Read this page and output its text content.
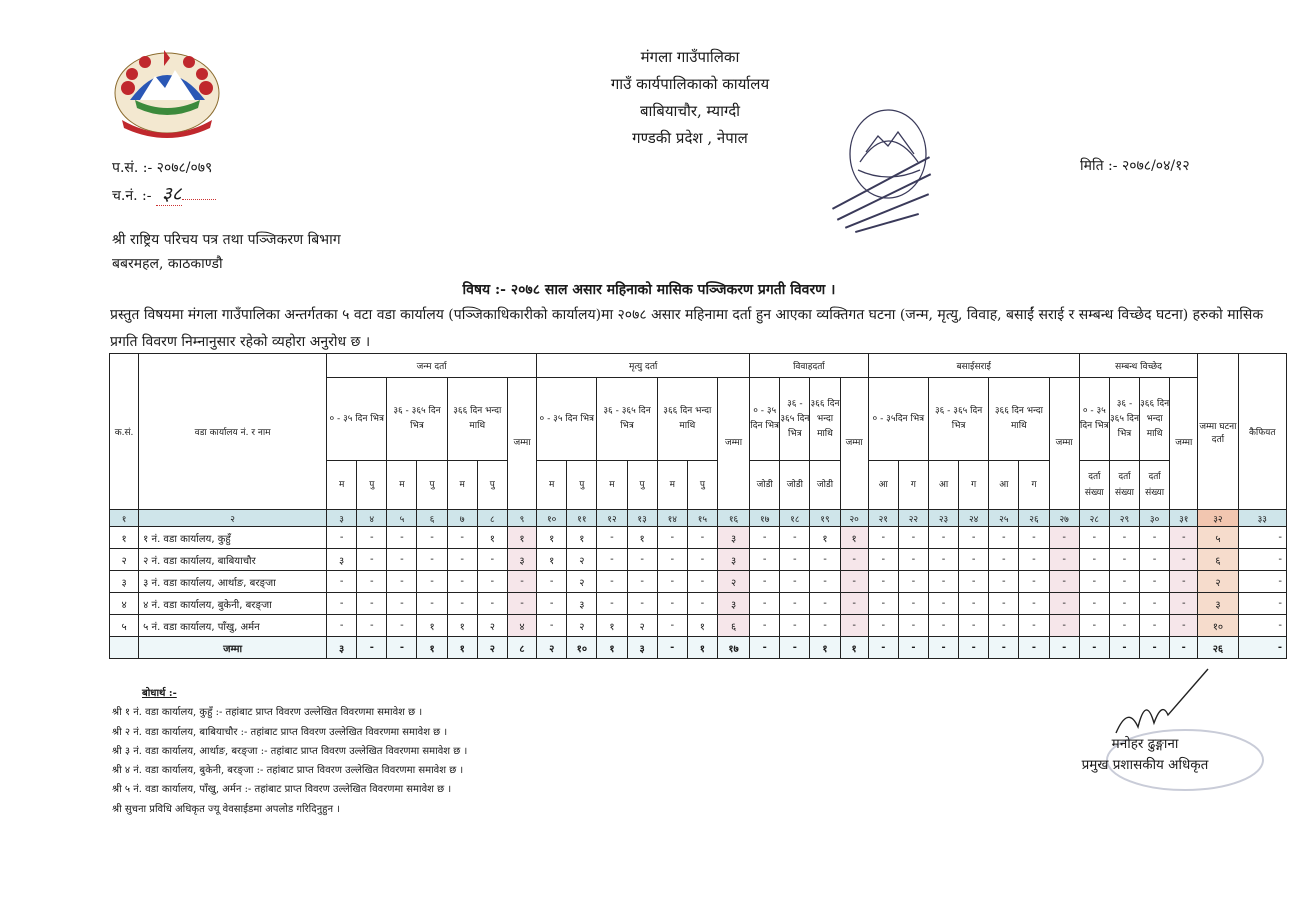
मंगला गाउँपालिका
गाउँ कार्यपालिकाको कार्यालय
बाबियाचौर, म्याग्दी
गण्डकी प्रदेश , नेपाल
प.सं. :- २०७८/०७९
च.नं. :- ३८
मिति :- २०७८/०४/१२
श्री राष्ट्रिय परिचय पत्र तथा पञ्जिकरण बिभाग
बबरमहल, काठकाण्डौ
विषय :- २०७८ साल असार महिनाको मासिक पञ्जिकरण प्रगती विवरण ।
प्रस्तुत विषयमा मंगला गाउँपालिका अन्तर्गतका ५ वटा वडा कार्यालय (पञ्जिकाधिकारीको कार्यालय)मा २०७८ असार महिनामा दर्ता हुन आएका व्यक्तिगत घटना (जन्म, मृत्यु, विवाह, बसाईं सराई र सम्बन्ध विच्छेद घटना) हरुको मासिक प्रगति विवरण निम्नानुसार रहेको व्यहोरा अनुरोध छ ।
क.सं.	वडा कार्यालय नं. र नाम	जन्म दर्ता							मृत्यु दर्ता							विवाहदर्ता				बसाईसराई							सम्बन्ध विच्छेद				जम्मा घटना दर्ता	कैफियत
		० - ३५ दिन भित्र		३६ - ३६५ दिन भित्र		३६६ दिन भन्दा माथि		जम्मा	० - ३५ दिन भित्र		३६ - ३६५ दिन भित्र		३६६ दिन भन्दा माथि		जम्मा	० - ३५ दिन भित्र	३६ - ३६५ दिन भित्र	३६६ दिन भन्दा माथि	जम्मा	० - ३५दिन भित्र		३६ - ३६५ दिन भित्र		३६६ दिन भन्दा माथि		जम्मा	० - ३५ दिन भित्र	३६ - ३६५ दिन भित्र	३६६ दिन भन्दा माथि	जम्मा		
		म	पु	म	पु	म	पु		म	पु	म	पु	म	पु		जोडी	जोडी	जोडी		आ	ग	आ	ग	आ	ग		दर्ता संख्या	दर्ता संख्या	दर्ता संख्या			
१	२	३	४	५	६	७	८	९	१०	११	१२	१३	१४	१५	१६	१७	१८	१९	२०	२१	२२	२३	२४	२५	२६	२७	२८	२९	३०	३१	३२	३३
१	१ नं. वडा कार्यालय, कुहुँ	-	-	-	-	-	१	१	१	१	-	१	-	-	३	-	-	१	१	-	-	-	-	-	-	-	-	-	-	-	५	-
२	२ नं. वडा कार्यालय, बाबियाचौर	३	-	-	-	-	-	३	१	२	-	-	-	-	३	-	-	-	-	-	-	-	-	-	-	-	-	-	-	-	६	-
३	३ नं. वडा कार्यालय, आर्थाङ, बरङ्जा	-	-	-	-	-	-	-	-	२	-	-	-	-	२	-	-	-	-	-	-	-	-	-	-	-	-	-	-	-	२	-
४	४ नं. वडा कार्यालय, बुकेनी, बरङ्जा	-	-	-	-	-	-	-	-	३	-	-	-	-	३	-	-	-	-	-	-	-	-	-	-	-	-	-	-	-	३	-
५	५ नं. वडा कार्यालय, पाँखु, अर्मन	-	-	-	१	१	२	४	-	२	१	२	-	१	६	-	-	-	-	-	-	-	-	-	-	-	-	-	-	-	१०	-
	जम्मा	३	-	-	१	१	२	८	२	१०	१	३	-	१	१७	-	-	१	१	-	-	-	-	-	-	-	-	-	-	-	२६	-
बोधार्थ :-
श्री १ नं. वडा कार्यालय, कुहुँ :- तहांबाट प्राप्त विवरण उल्लेखित विवरणमा समावेश छ ।
श्री २ नं. वडा कार्यालय, बाबियाचौर :- तहांबाट प्राप्त विवरण उल्लेखित विवरणमा समावेश छ ।
श्री ३ नं. वडा कार्यालय, आर्थाङ, बरङ्जा :- तहांबाट प्राप्त विवरण उल्लेखित विवरणमा समावेश छ ।
श्री ४ नं. वडा कार्यालय, बुकेनी, बरङ्जा :- तहांबाट प्राप्त विवरण उल्लेखित विवरणमा समावेश छ ।
श्री ५ नं. वडा कार्यालय, पाँखु, अर्मन :- तहांबाट प्राप्त विवरण उल्लेखित विवरणमा समावेश छ ।
श्री सुचना प्रविधि अधिकृत ज्यू वेवसाईडमा अपलोड गरिदिनुहुन ।
मनोहर ढुङ्गाना
प्रमुख प्रशासकीय अधिकृत
